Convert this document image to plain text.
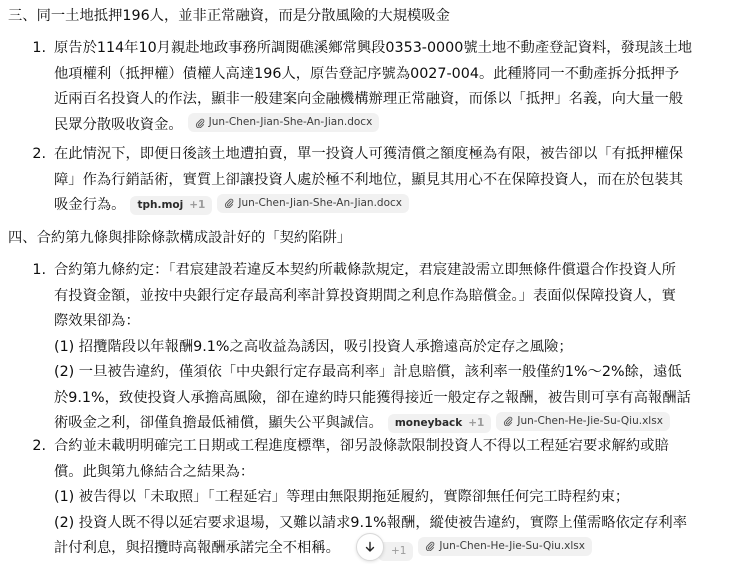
三、同一土地抵押196人，並非正常融資，而是分散風險的大規模吸金
1. 原告於114年10月親赴地政事務所調閱礁溪鄉常興段0353-0000號土地不動產登記資料，發現該土地
他項權利（抵押權）債權人高達196人，原告登記序號為0027-004。此種將同一不動產拆分抵押予
近兩百名投資人的作法，顯非一般建案向金融機構辦理正常融資，而係以「抵押」名義，向大量一般
民眾分散吸收資金。 Jun-Chen-Jian-She-An-Jian.docx
2. 在此情況下，即便日後該土地遭拍賣，單一投資人可獲清償之額度極為有限，被告卻以「有抵押權保
障」作為行銷話術，實質上卻讓投資人處於極不利地位，顯見其用心不在保障投資人，而在於包裝其
吸金行為。 tph.moj +1	Jun-Chen-Jian-She-An-Jian.docx
四、合約第九條與排除條款構成設計好的「契約陷阱」
1. 合約第九條約定：「君宸建設若違反本契約所載條款規定，君宸建設需立即無條件償還合作投資人所
有投資金額，並按中央銀行定存最高利率計算投資期間之利息作為賠償金。」表面似保障投資人，實
際效果卻為：
(1) 招攬階段以年報酬9.1%之高收益為誘因，吸引投資人承擔遠高於定存之風險；
(2) 一旦被告違約，僅須依「中央銀行定存最高利率」計息賠償，該利率一般僅約1%～2%餘，遠低
於9.1%，致使投資人承擔高風險，卻在違約時只能獲得接近一般定存之報酬，被告則可享有高報酬話
術吸金之利，卻僅負擔最低補償，顯失公平與誠信。 moneyback +1	Jun-Chen-He-Jie-Su-Qiu.xlsx
2. 合約並未載明明確完工日期或工程進度標準，卻另設條款限制投資人不得以工程延宕要求解約或賠
償。此與第九條結合之結果為：
(1) 被告得以「未取照」「工程延宕」等理由無限期拖延履約，實際卻無任何完工時程約束；
(2) 投資人既不得以延宕要求退場，又難以請求9.1%報酬，縱使被告違約，實際上僅需略依定存利率
計付利息，與招攬時高報酬承諾完全不相稱。	+1	Jun-Chen-He-Jie-Su-Qiu.xlsx
